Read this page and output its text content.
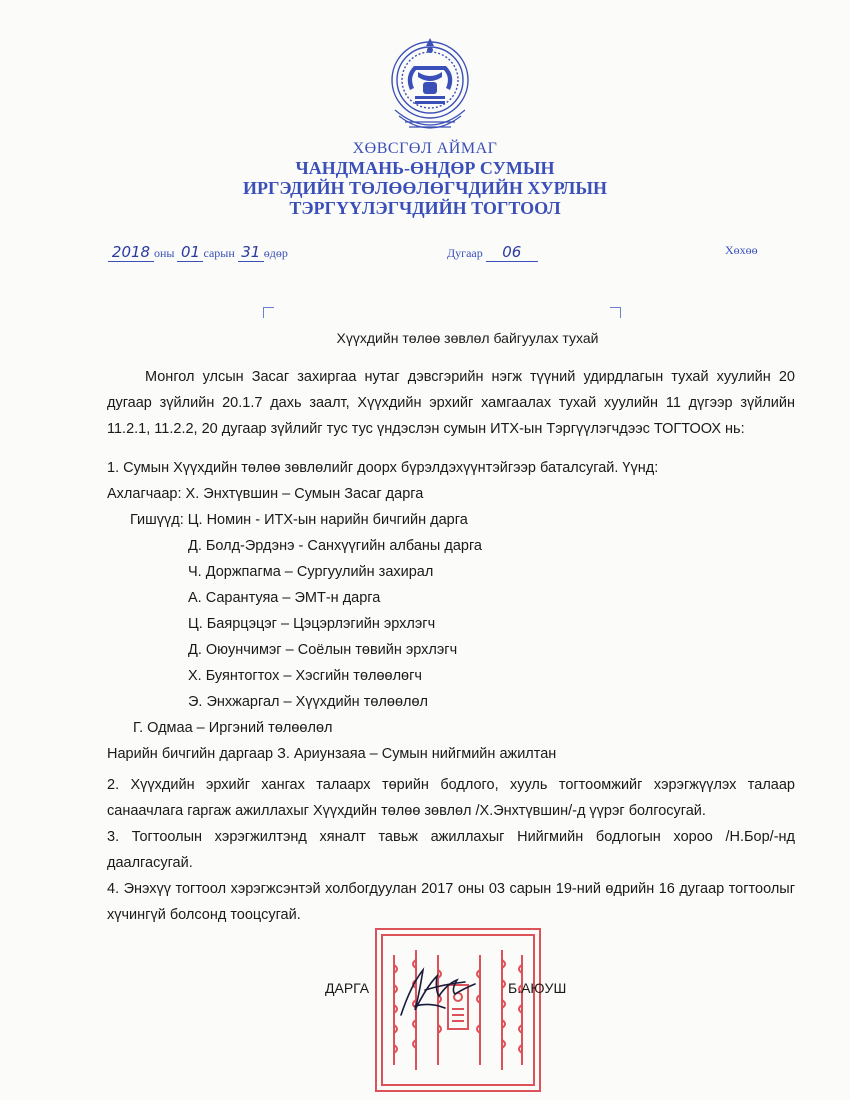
ХӨВСГӨЛ АЙМАГ
ЧАНДМАНЬ-ӨНДӨР СУМЫН
ИРГЭДИЙН ТӨЛӨӨЛӨГЧДИЙН ХУРЛЫН
ТЭРГҮҮЛЭГЧДИЙН ТОГТООЛ
2018 оны 01 сарын 31 өдөр	Дугаар 06	Хөхөө
Хүүхдийн төлөө зөвлөл байгуулах тухай
Монгол улсын Засаг захиргаа нутаг дэвсгэрийн нэгж түүний удирдлагын тухай хуулийн 20 дугаар зүйлийн 20.1.7 дахь заалт, Хүүхдийн эрхийг хамгаалах тухай хуулийн 11 дүгээр зүйлийн 11.2.1, 11.2.2, 20 дугаар зүйлийг тус тус үндэслэн сумын ИТХ-ын Тэргүүлэгчдээс ТОГТООХ нь:
1. Сумын Хүүхдийн төлөө зөвлөлийг доорх бүрэлдэхүүнтэйгээр баталсугай. Үүнд:
Ахлагчаар: Х. Энхтүвшин – Сумын Засаг дарга
Гишүүд: Ц. Номин - ИТХ-ын нарийн бичгийн дарга
Д. Болд-Эрдэнэ - Санхүүгийн албаны дарга
Ч. Доржпагма – Сургуулийн захирал
А. Сарантуяа – ЭМТ-н дарга
Ц. Баярцэцэг – Цэцэрлэгийн эрхлэгч
Д. Оюунчимэг – Соёлын төвийн эрхлэгч
Х. Буянтогтох – Хэсгийн төлөөлөгч
Э. Энхжаргал – Хүүхдийн төлөөлөл
Г. Одмаа – Иргэний төлөөлөл
Нарийн бичгийн даргаар З. Ариунзаяа – Сумын нийгмийн ажилтан
2. Хүүхдийн эрхийг хангах талаарх төрийн бодлого, хууль тогтоомжийг хэрэгжүүлэх талаар санаачлага гаргаж ажиллахыг Хүүхдийн төлөө зөвлөл /Х.Энхтүвшин/-д үүрэг болгосугай.
3. Тогтоолын хэрэгжилтэнд хяналт тавьж ажиллахыг Нийгмийн бодлогын хороо /Н.Бор/-нд даалгасугай.
4. Энэхүү тогтоол хэрэгжсэнтэй холбогдуулан 2017 оны 03 сарын 19-ний өдрийн 16 дугаар тогтоолыг хүчингүй болсонд тооцсугай.
ДАРГА	Б.АЮУШ
